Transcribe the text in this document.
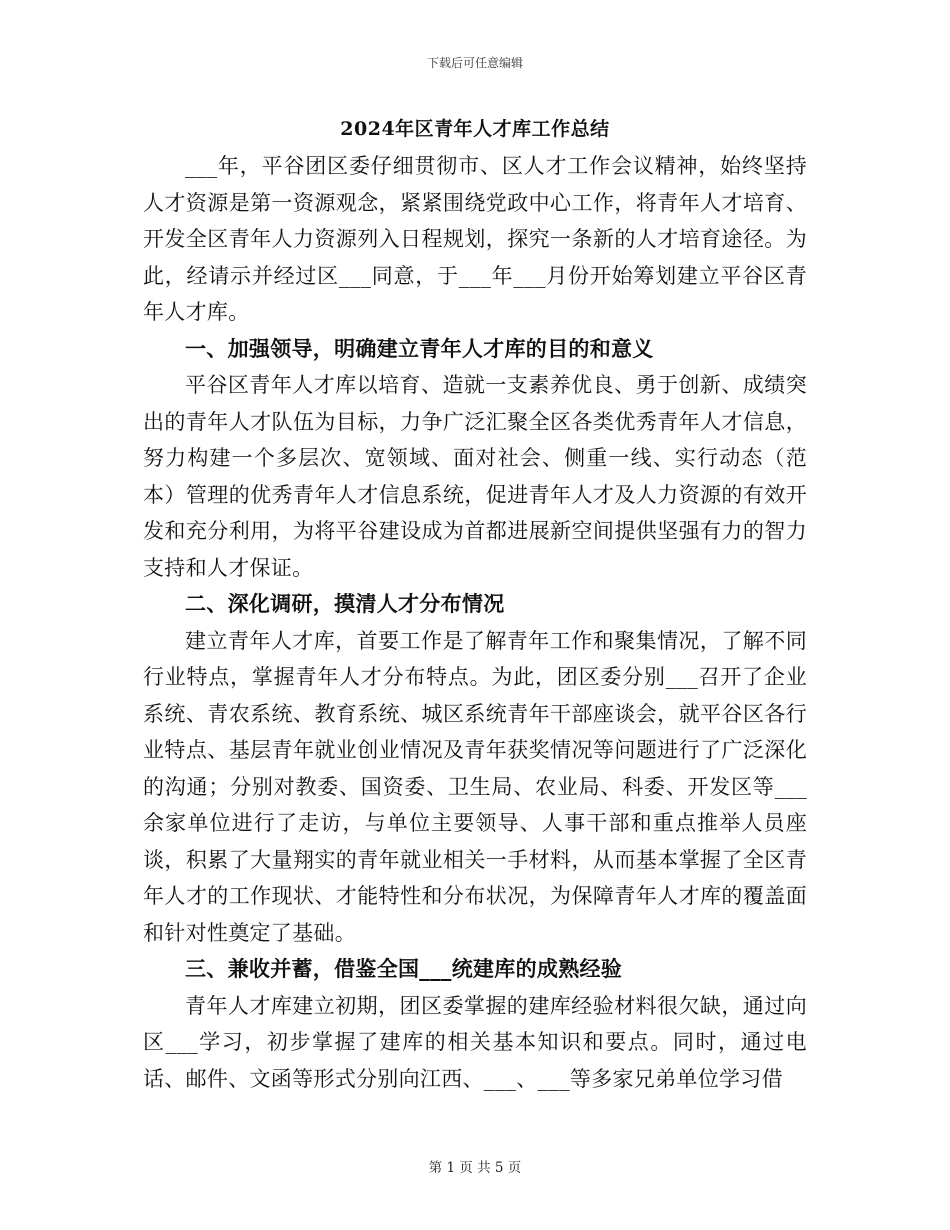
下载后可任意编辑
2024年区青年人才库工作总结

___年，平谷团区委仔细贯彻市、区人才工作会议精神，始终坚持人才资源是第一资源观念，紧紧围绕党政中心工作，将青年人才培育、开发全区青年人力资源列入日程规划，探究一条新的人才培育途径。为此，经请示并经过区___同意，于___年___月份开始筹划建立平谷区青年人才库。

一、加强领导，明确建立青年人才库的目的和意义

平谷区青年人才库以培育、造就一支素养优良、勇于创新、成绩突出的青年人才队伍为目标，力争广泛汇聚全区各类优秀青年人才信息，努力构建一个多层次、宽领域、面对社会、侧重一线、实行动态（范本）管理的优秀青年人才信息系统，促进青年人才及人力资源的有效开发和充分利用，为将平谷建设成为首都进展新空间提供坚强有力的智力支持和人才保证。

二、深化调研，摸清人才分布情况

建立青年人才库，首要工作是了解青年工作和聚集情况，了解不同行业特点，掌握青年人才分布特点。为此，团区委分别___召开了企业系统、青农系统、教育系统、城区系统青年干部座谈会，就平谷区各行业特点、基层青年就业创业情况及青年获奖情况等问题进行了广泛深化的沟通；分别对教委、国资委、卫生局、农业局、科委、开发区等___余家单位进行了走访，与单位主要领导、人事干部和重点推举人员座谈，积累了大量翔实的青年就业相关一手材料，从而基本掌握了全区青年人才的工作现状、才能特性和分布状况，为保障青年人才库的覆盖面和针对性奠定了基础。

三、兼收并蓄，借鉴全国___统建库的成熟经验

青年人才库建立初期，团区委掌握的建库经验材料很欠缺，通过向区___学习，初步掌握了建库的相关基本知识和要点。同时，通过电话、邮件、文函等形式分别向江西、___、___等多家兄弟单位学习借

第 1 页 共 5 页
